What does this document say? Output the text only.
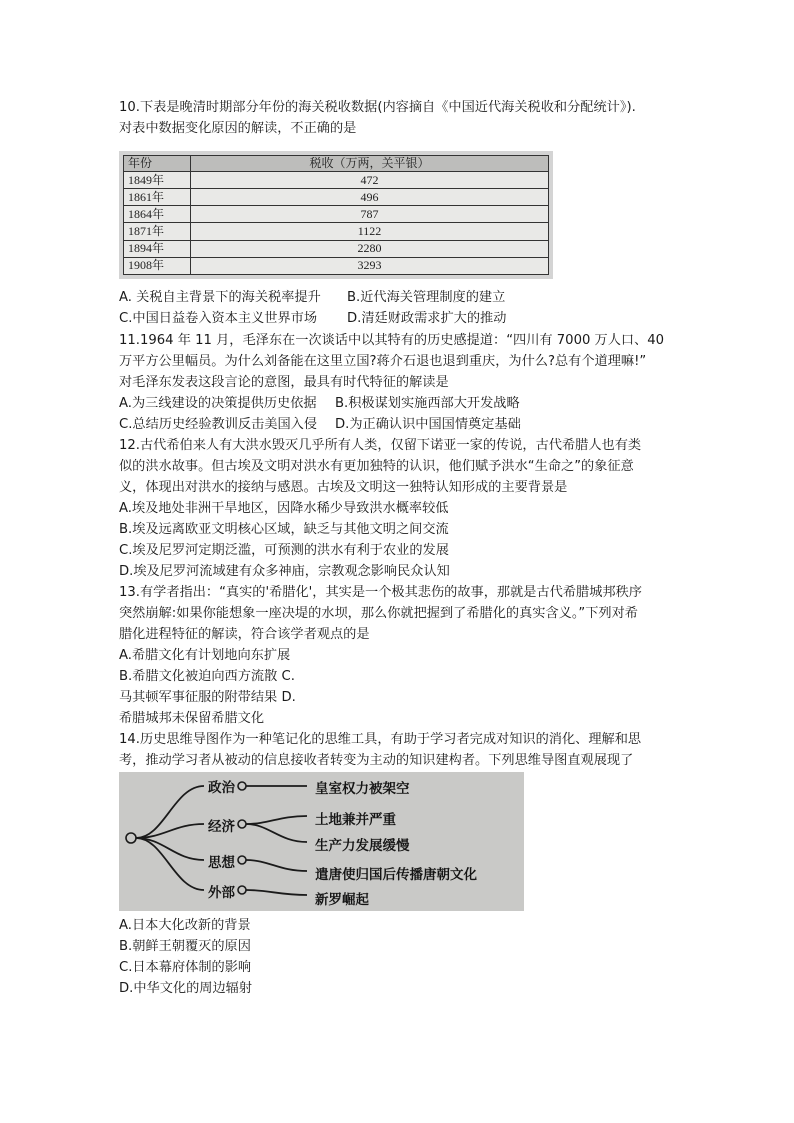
10.下表是晚清时期部分年份的海关税收数据(内容摘自《中国近代海关税收和分配统计》).
对表中数据变化原因的解读，不正确的是
年份	税收（万两，关平银）
1849年	472
1861年	496
1864年	787
1871年	1122
1894年	2280
1908年	3293
A. 关税自主背景下的海关税率提升 B.近代海关管理制度的建立
C.中国日益卷入资本主义世界市场 D.清廷财政需求扩大的推动
11.1964 年 11 月，毛泽东在一次谈话中以其特有的历史感提道：“四川有 7000 万人口、40
万平方公里幅员。为什么刘备能在这里立国?蒋介石退也退到重庆，为什么?总有个道理嘛!”
对毛泽东发表这段言论的意图，最具有时代特征的解读是
A.为三线建设的决策提供历史依据 B.积极谋划实施西部大开发战略
C.总结历史经验教训反击美国入侵 D.为正确认识中国国情奠定基础
12.古代希伯来人有大洪水毁灭几乎所有人类，仅留下诺亚一家的传说，古代希腊人也有类
似的洪水故事。但古埃及文明对洪水有更加独特的认识，他们赋予洪水“生命之”的象征意
义，体现出对洪水的接纳与感恩。古埃及文明这一独特认知形成的主要背景是
A.埃及地处非洲干旱地区，因降水稀少导致洪水概率较低
B.埃及远离欧亚文明核心区域，缺乏与其他文明之间交流
C.埃及尼罗河定期泛滥，可预测的洪水有利于农业的发展
D.埃及尼罗河流域建有众多神庙，宗教观念影响民众认知
13.有学者指出：“真实的'希腊化'，其实是一个极其悲伤的故事，那就是古代希腊城邦秩序
突然崩解:如果你能想象一座决堤的水坝，那么你就把握到了希腊化的真实含义。”下列对希
腊化进程特征的解读，符合该学者观点的是
A.希腊文化有计划地向东扩展
B.希腊文化被迫向西方流散 C.
马其顿军事征服的附带结果 D.
希腊城邦未保留希腊文化
14.历史思维导图作为一种笔记化的思维工具，有助于学习者完成对知识的消化、理解和思
考，推动学习者从被动的信息接收者转变为主动的知识建构者。下列思维导图直观展现了
政治
经济
思想
外部
皇室权力被架空
土地兼并严重
生产力发展缓慢
遣唐使归国后传播唐朝文化
新罗崛起
A.日本大化改新的背景
B.朝鲜王朝覆灭的原因
C.日本幕府体制的影响
D.中华文化的周边辐射
